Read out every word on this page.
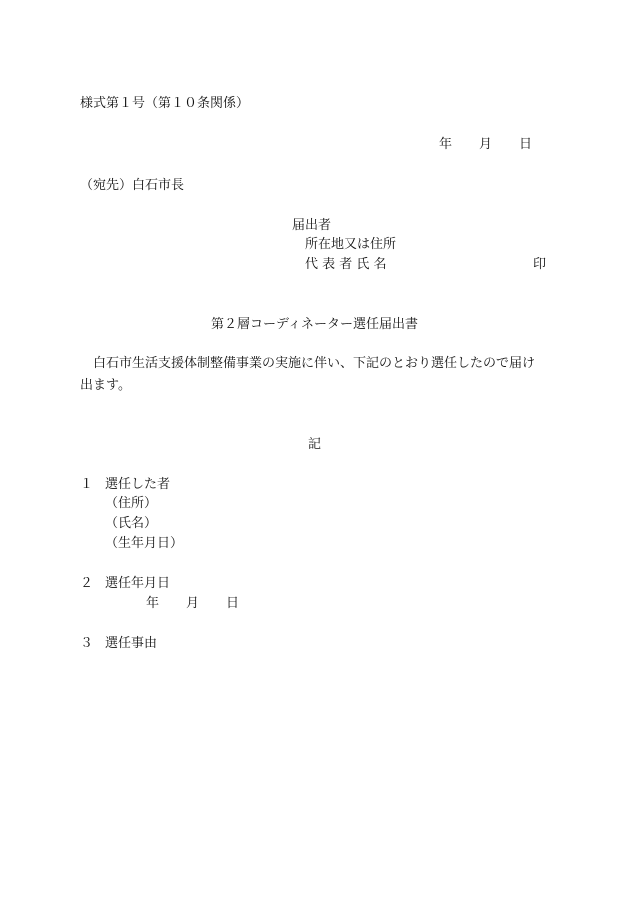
様式第１号（第１０条関係）
年 月 日
（宛先）白石市長
届出者
所在地又は住所
代 表 者 氏 名	印
第２層コーディネーター選任届出書
白石市生活支援体制整備事業の実施に伴い、下記のとおり選任したので届け
出ます。
記
１ 選任した者
（住所）
（氏名）
（生年月日）
２ 選任年月日
年 月 日
３ 選任事由
